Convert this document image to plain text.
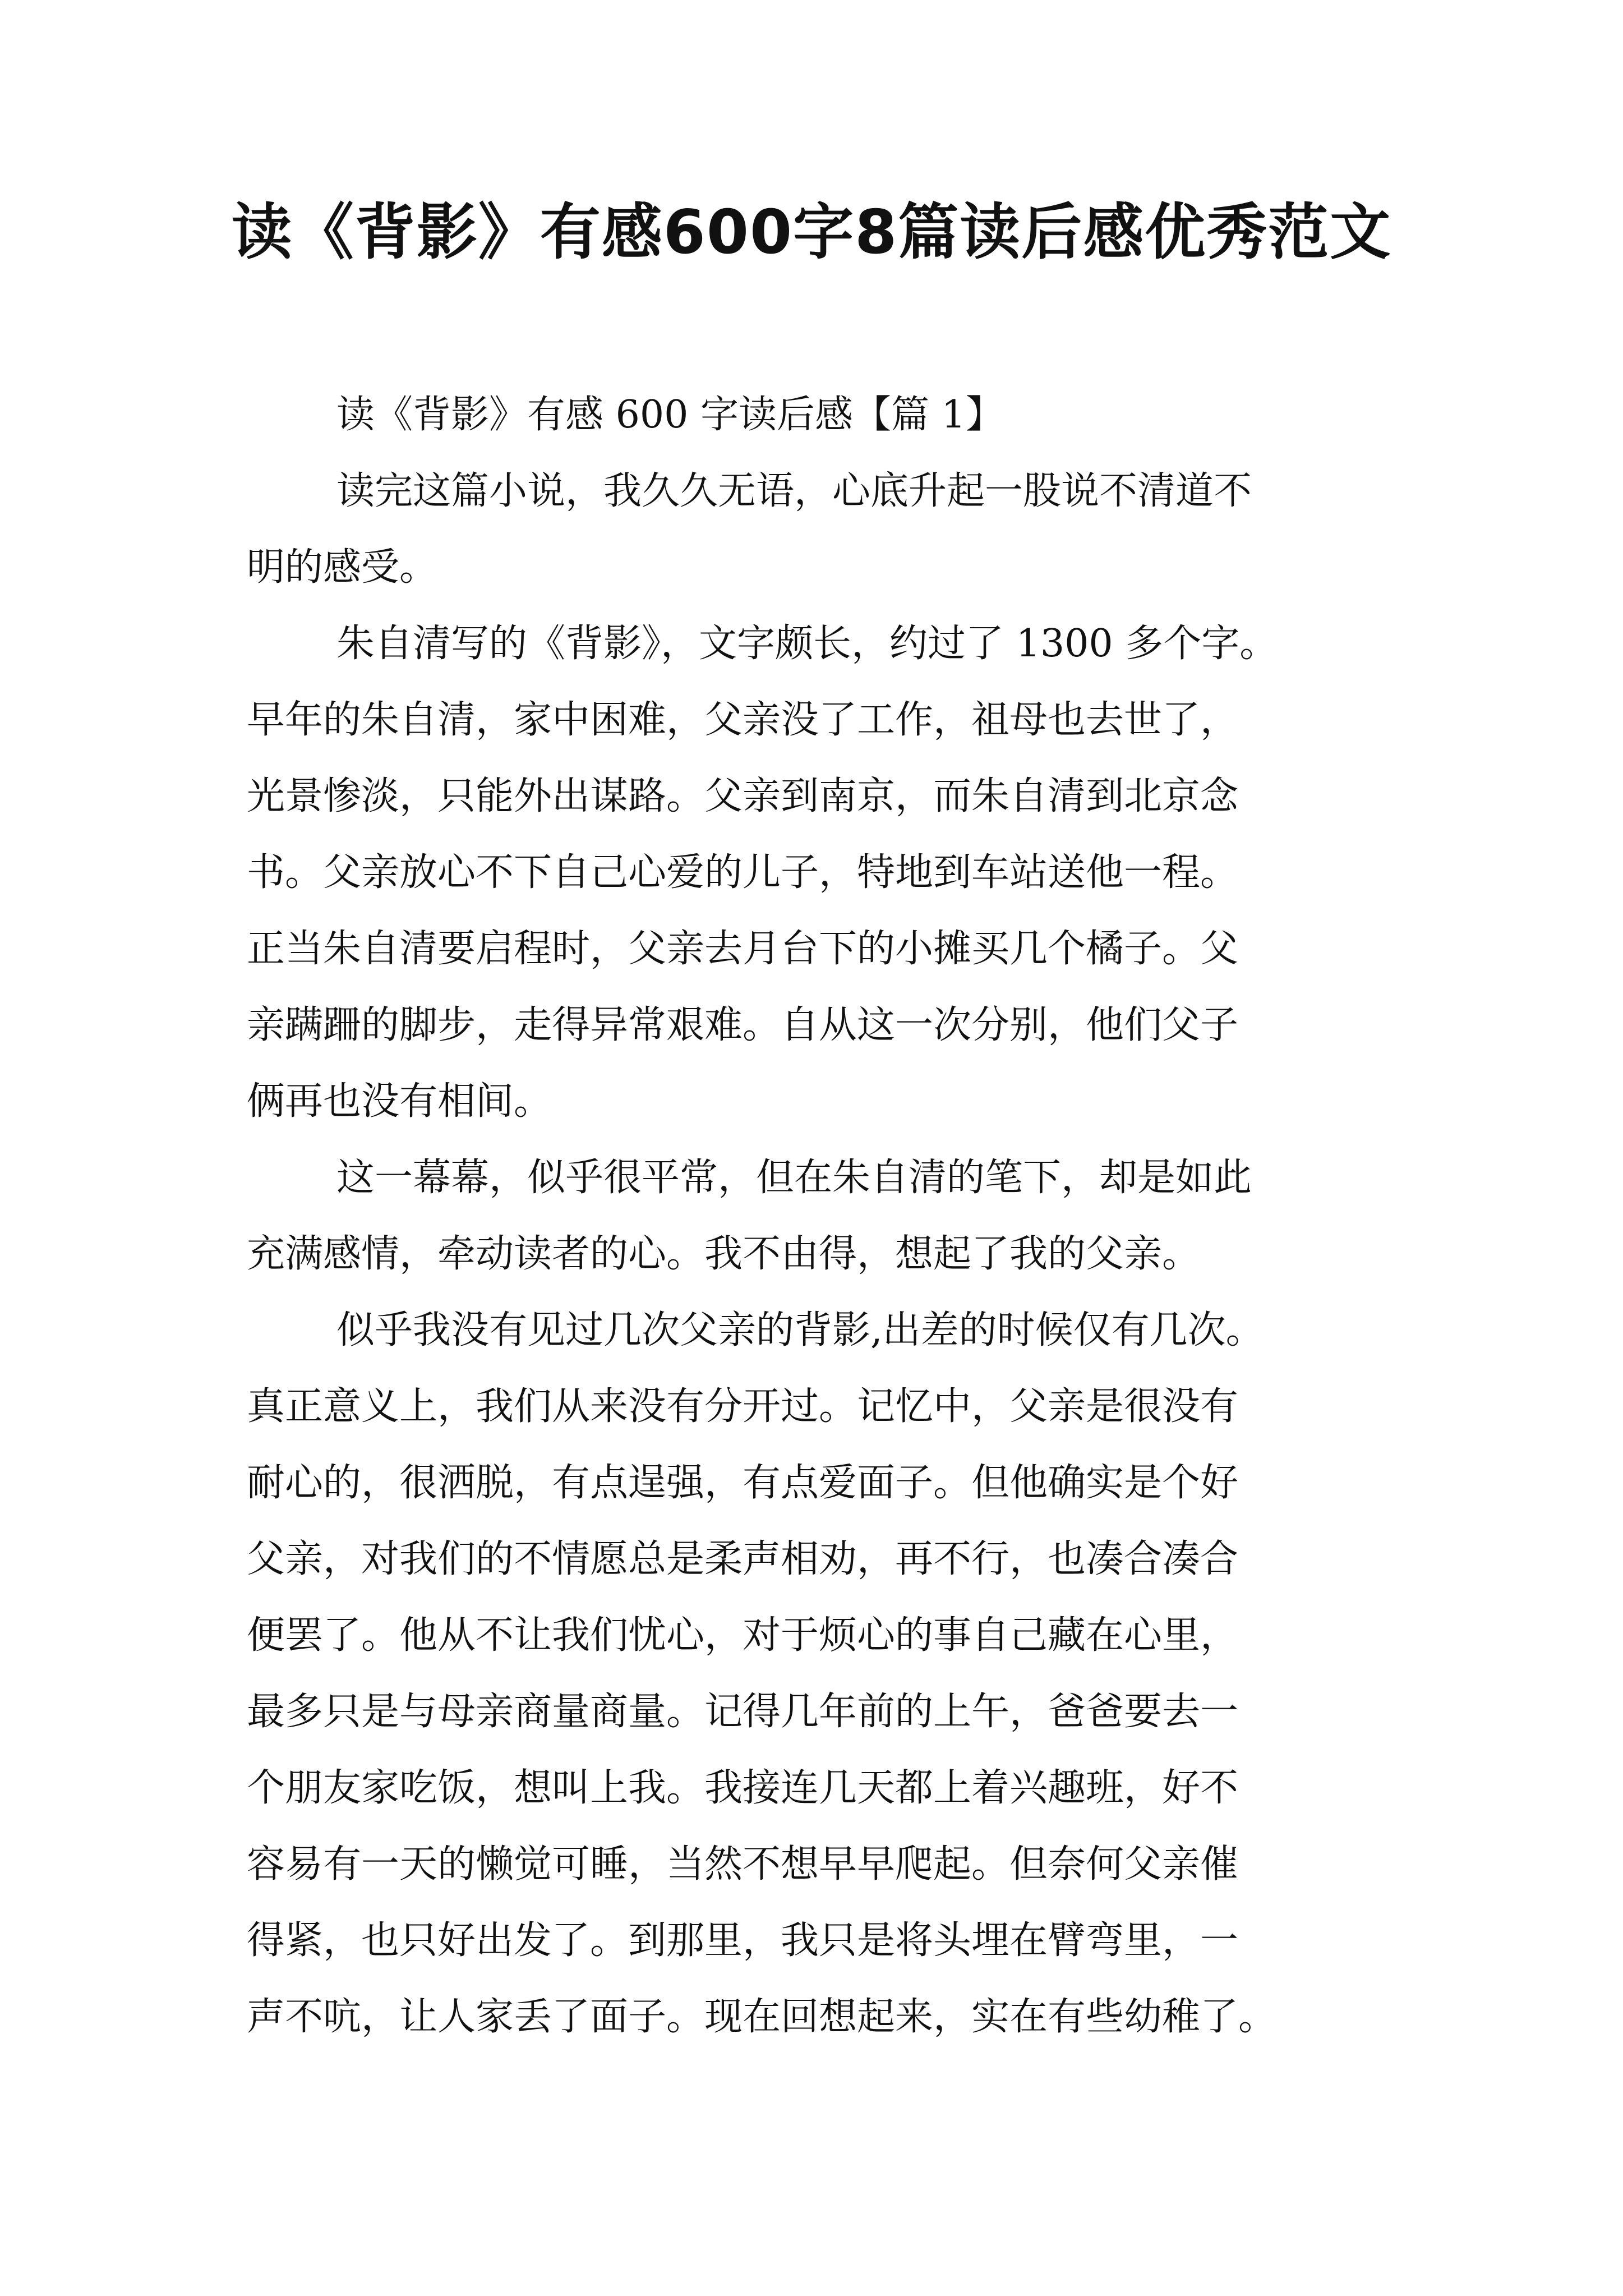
读《背影》有感600字8篇读后感优秀范文
读《背影》有感 600 字读后感【篇 1】
读完这篇小说，我久久无语，心底升起一股说不清道不
明的感受。
朱自清写的《背影》，文字颇长，约过了 1300 多个字。
早年的朱自清，家中困难，父亲没了工作，祖母也去世了，
光景惨淡，只能外出谋路。父亲到南京，而朱自清到北京念
书。父亲放心不下自己心爱的儿子，特地到车站送他一程。
正当朱自清要启程时，父亲去月台下的小摊买几个橘子。父
亲蹒跚的脚步，走得异常艰难。自从这一次分别，他们父子
俩再也没有相间。
这一幕幕，似乎很平常，但在朱自清的笔下，却是如此
充满感情，牵动读者的心。我不由得，想起了我的父亲。
似乎我没有见过几次父亲的背影,出差的时候仅有几次。
真正意义上，我们从来没有分开过。记忆中，父亲是很没有
耐心的，很洒脱，有点逞强，有点爱面子。但他确实是个好
父亲，对我们的不情愿总是柔声相劝，再不行，也凑合凑合
便罢了。他从不让我们忧心，对于烦心的事自己藏在心里，
最多只是与母亲商量商量。记得几年前的上午，爸爸要去一
个朋友家吃饭，想叫上我。我接连几天都上着兴趣班，好不
容易有一天的懒觉可睡，当然不想早早爬起。但奈何父亲催
得紧，也只好出发了。到那里，我只是将头埋在臂弯里，一
声不吭，让人家丢了面子。现在回想起来，实在有些幼稚了。
